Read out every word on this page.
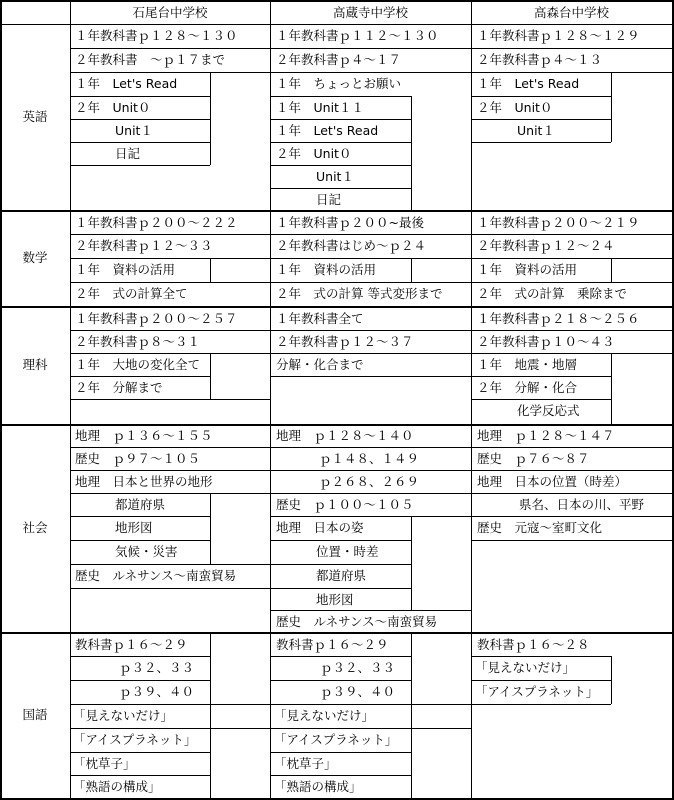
石尾台中学校	高蔵寺中学校	高森台中学校
英語
数学
理科
社会
国語
１年教科書ｐ１２８～１３０
２年教科書　～ｐ１７まで
１年　Let's Read
２年　Unit０
Unit１
日記
１年教科書ｐ１１２～１３０
２年教科書ｐ４～１７
１年　ちょっとお願い
１年　Unit１１
１年　Let's Read
２年　Unit０
Unit１
日記
１年教科書ｐ１２８～１２９
２年教科書ｐ４～１３
１年　Let's Read
２年　Unit０
Unit１
１年教科書ｐ２００～２２２
２年教科書ｐ１２～３３
１年　資料の活用
２年　式の計算全て
１年教科書ｐ２００~最後
２年教科書はじめ～ｐ２４
１年　資料の活用
２年　式の計算 等式変形まで
１年教科書ｐ２００～２１９
２年教科書ｐ１２～２４
１年　資料の活用
２年　式の計算　乗除まで
１年教科書ｐ２００～２５７
２年教科書ｐ８～３１
１年　大地の変化全て
２年　分解まで
１年教科書全て
２年教科書ｐ１２～３７
分解・化合まで
１年教科書ｐ２１８～２５６
２年教科書ｐ１０～４３
１年　地震・地層
２年　分解・化合
化学反応式
地理　ｐ１３６～１５５
歴史　ｐ９７～１０５
地理　日本と世界の地形
都道府県
地形図
気候・災害
歴史　ルネサンス～南蛮貿易
地理　ｐ１２８～１４０
ｐ１４８、１４９
ｐ２６８、２６９
歴史　ｐ１００～１０５
地理　日本の姿
位置・時差
都道府県
地形図
歴史　ルネサンス～南蛮貿易
地理　ｐ１２８～１４７
歴史　ｐ７６～８７
地理　日本の位置（時差）
県名、日本の川、平野
歴史　元寇～室町文化
教科書ｐ１６～２９
ｐ３２、３３
ｐ３９、４０
「見えないだけ」
「アイスプラネット」
「枕草子」
「熟語の構成」
教科書ｐ１６～２９
ｐ３２、３３
ｐ３９、４０
「見えないだけ」
「アイスプラネット」
「枕草子」
「熟語の構成」
教科書ｐ１６～２８
「見えないだけ」
「アイスプラネット」
